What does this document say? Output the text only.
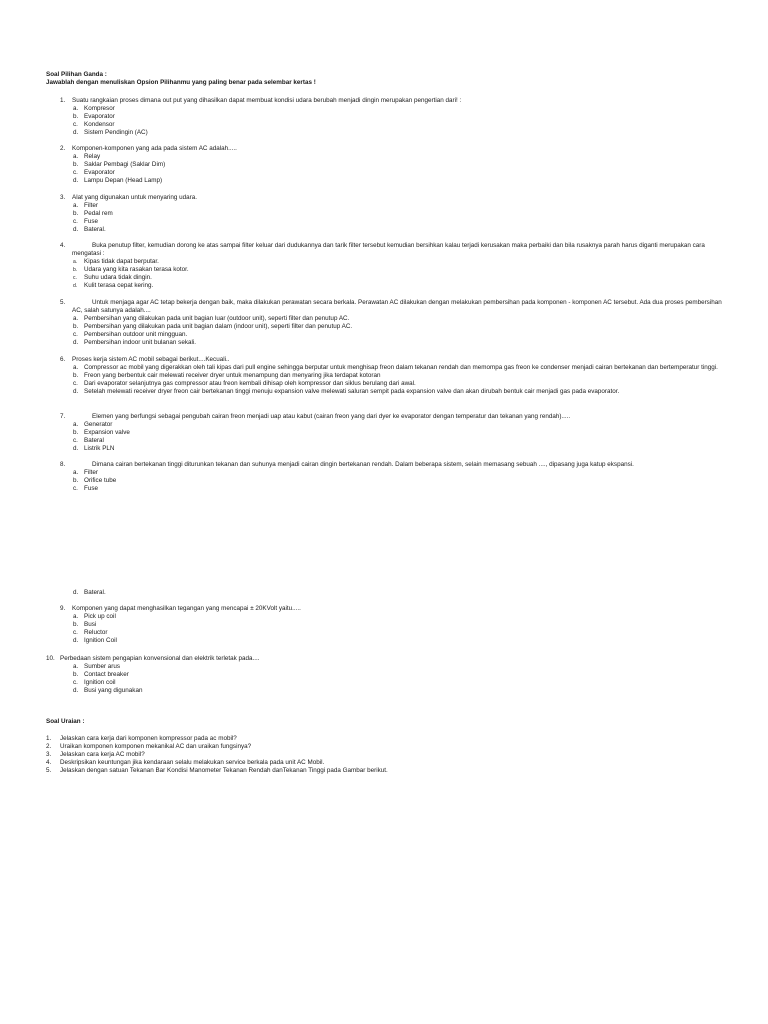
Soal Pilihan Ganda :
Jawablah dengan menuliskan Opsion Pilihanmu yang paling benar pada selembar kertas !
1. Suatu rangkaian proses dimana out put yang dihasilkan dapat membuat kondisi udara berubah menjadi dingin merupakan pengertian dari! :
a. Kompresor
b. Evaporator
c. Kondensor
d. Sistem Pendingin (AC)
2. Komponen-komponen yang ada pada sistem AC adalah.....
a. Relay
b. Saklar Pembagi (Saklar Dim)
c. Evaporator
d. Lampu Depan (Head Lamp)
3. Alat yang digunakan untuk menyaring udara.
a. Filter
b. Pedal rem
c. Fuse
d. Bateral.
4.	Buka penutup filter, kemudian dorong ke atas sampai filter keluar dari dudukannya dan tarik filter tersebut kemudian bersihkan kalau terjadi kerusakan maka perbaiki dan bila rusaknya parah harus diganti merupakan cara mengatasi :
a. Kipas tidak dapat berputar.
b. Udara yang kita rasakan terasa kotor.
c. Suhu udara tidak dingin.
d. Kulit terasa cepat kering.
5.	Untuk menjaga agar AC tetap bekerja dengan baik, maka dilakukan perawatan secara berkala. Perawatan AC dilakukan dengan melakukan pembersihan pada komponen - komponen AC tersebut. Ada dua proses pembersihan AC, salah satunya adalah....
a. Pembersihan yang dilakukan pada unit bagian luar (outdoor unit), seperti filter dan penutup AC.
b. Pembersihan yang dilakukan pada unit bagian dalam (indoor unit), seperti filter dan penutup AC.
c. Pembersihan outdoor unit mingguan.
d. Pembersihan indoor unit bulanan sekali.
6. Proses kerja sistem AC mobil sebagai berikut....Kecuali..
a. Compressor ac mobil yang digerakkan oleh tali kipas dari pull engine sehingga berputar untuk menghisap freon dalam tekanan rendah dan memompa gas freon ke condenser menjadi cairan bertekanan dan bertemperatur tinggi.
b. Freon yang berbentuk cair melewati receiver dryer untuk menampung dan menyaring jika terdapat kotoran
c. Dari evaporator selanjutnya gas compressor atau freon kembali dihisap oleh kompressor dan siklus berulang dari awal.
d. Setelah melewati receiver dryer freon cair bertekanan tinggi menuju expansion valve melewati saluran sempit pada expansion valve dan akan dirubah bentuk cair menjadi gas pada evaporator.
7.	Elemen yang berfungsi sebagai pengubah cairan freon menjadi uap atau kabut (cairan freon yang dari dyer ke evaporator dengan temperatur dan tekanan yang rendah).....
a. Generator
b. Expansion valve
c. Bateral
d. Listrik PLN
8.	Dimana cairan bertekanan tinggi diturunkan tekanan dan suhunya menjadi cairan dingin bertekanan rendah. Dalam beberapa sistem, selain memasang sebuah ...., dipasang juga katup ekspansi.
a. Filter
b. Orifice tube
c. Fuse
d. Bateral.
9. Komponen yang dapat menghasilkan tegangan yang mencapai ± 20KVolt yaitu.....
a. Pick up coil
b. Busi
c. Reluctor
d. Ignition Coil
10. Perbedaan sistem pengapian konvensional dan elektrik terletak pada....
a. Sumber arus
b. Contact breaker
c. Ignition coil
d. Busi yang digunakan
Soal Uraian :
1. Jelaskan cara kerja dari komponen kompressor pada ac mobil?
2. Uraikan komponen komponen mekanikal AC dan uraikan fungsinya?
3. Jelaskan cara kerja AC mobil?
4. Deskripsikan keuntungan jika kendaraan selalu melakukan service berkala pada unit AC Mobil.
5. Jelaskan dengan satuan Tekanan Bar Kondisi Manometer Tekanan Rendah danTekanan Tinggi pada Gambar berikut.
